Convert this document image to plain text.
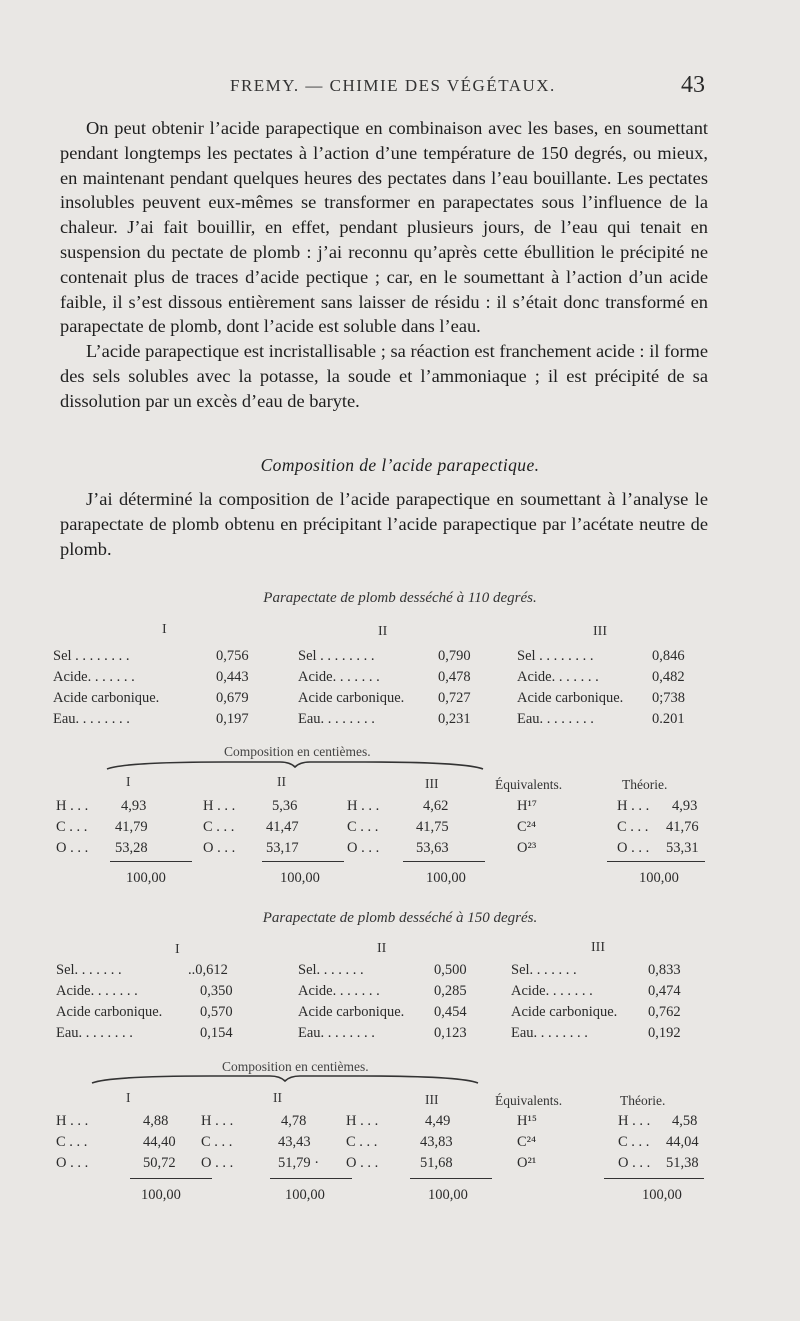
FREMY. — CHIMIE DES VÉGÉTAUX.	43

On peut obtenir l’acide parapectique en combinaison avec les bases, en soumettant pendant longtemps les pectates à l’action d’une température de 150 degrés, ou mieux, en maintenant pendant quelques heures des pectates dans l’eau bouillante. Les pectates insolubles peuvent eux-mêmes se transformer en parapectates sous l’influence de la chaleur. J’ai fait bouillir, en effet, pendant plusieurs jours, de l’eau qui tenait en suspension du pectate de plomb : j’ai reconnu qu’après cette ébullition le précipité ne contenait plus de traces d’acide pectique ; car, en le soumettant à l’action d’un acide faible, il s’est dissous entièrement sans laisser de résidu : il s’était donc transformé en parapectate de plomb, dont l’acide est soluble dans l’eau.

L’acide parapectique est incristallisable ; sa réaction est franchement acide : il forme des sels solubles avec la potasse, la soude et l’ammoniaque ; il est précipité de sa dissolution par un excès d’eau de baryte.

Composition de l’acide parapectique.

J’ai déterminé la composition de l’acide parapectique en soumettant à l’analyse le parapectate de plomb obtenu en précipitant l’acide parapectique par l’acétate neutre de plomb.

Parapectate de plomb desséché à 110 degrés.
I	II	III
Sel . . . . . . . .	0,756	Sel . . . . . . . .	0,790	Sel . . . . . . . .	0,846
Acide. . . . . . .	0,443	Acide. . . . . . .	0,478	Acide. . . . . . .	0,482
Acide carbonique.	0,679	Acide carbonique. 0,727	Acide carbonique. 0;738
Eau. . . . . . . .	0,197	Eau. . . . . . . .	0,231	Eau. . . . . . . .	0.201
Composition en centièmes.
I	II	III	Équivalents.	Théorie.
H . . . 4,93	H . . .	5,36	H . . .	4,62	H¹⁷	H . . . 4,93
C . . . 41,79	C . . . 41,47	C . . .	41,75	C²⁴	C . . . 41,76
O . . . 53,28	O . . . 53,17	O . . .	53,63	O²³	O . . . 53,31
100,00	100,00	100,00	100,00
Parapectate de plomb desséché à 150 degrés.
I	II	III
Sel. . . . . . .	..0,612	Sel. . . . . . .	0,500	Sel. . . . . . .	0,833
Acide. . . . . . .	0,350	Acide. . . . . . .	0,285	Acide. . . . . . .	0,474
Acide carbonique.	0,570	Acide carbonique. 0,454	Acide carbonique. 0,762
Eau. . . . . . . .	0,154	Eau. . . . . . . .	0,123	Eau. . . . . . . .	0,192
Composition en centièmes.
I	II	III	Équivalents.	Théorie.
H . . .	4,88 H . . .	4,78	H . . .	4,49	H¹⁵	H . . . 4,58
C . . .	44,40 C . . .	43,43 C . . .	43,83	C²⁴	C . . . 44,04
O . . .	50,72 O . . .	51,79 · O . . .	51,68	O²¹	O . . . 51,38
100,00	100,00	100,00	100,00
